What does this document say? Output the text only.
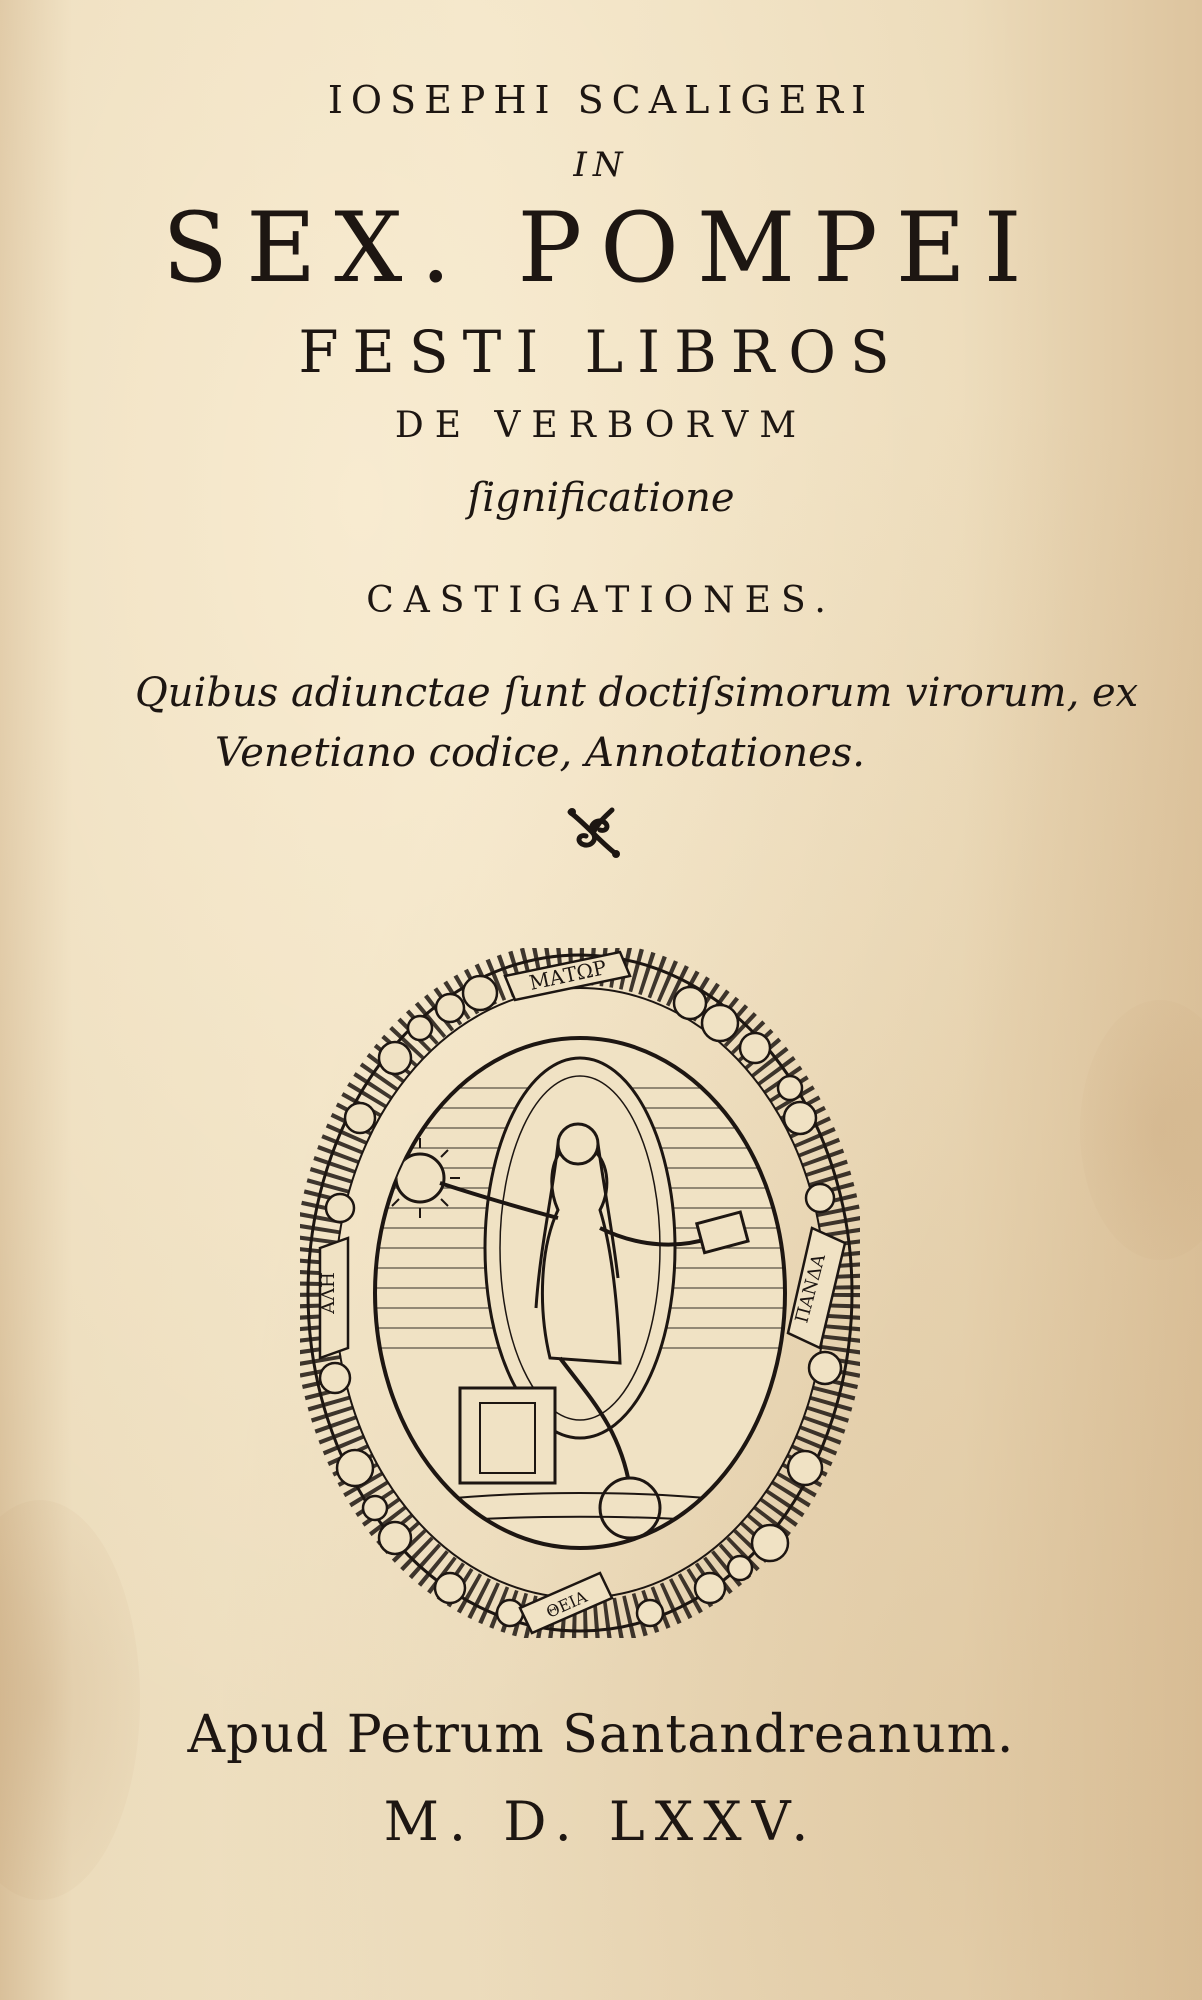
IOSEPHI SCALIGERI
IN
SEX. POMPEI
FESTI LIBROS
DE VERBORVM
ſignificatione
CASTIGATIONES.
Quibus adiunctae ſunt doctiſsimorum virorum, ex
Venetiano codice, Annotationes.
ΜΑΤΩΡ
ΑΛΗ	ΠΑΝΔΑ
ΘΕΙΑ
Apud Petrum Santandreanum.
M. D. LXXV.
